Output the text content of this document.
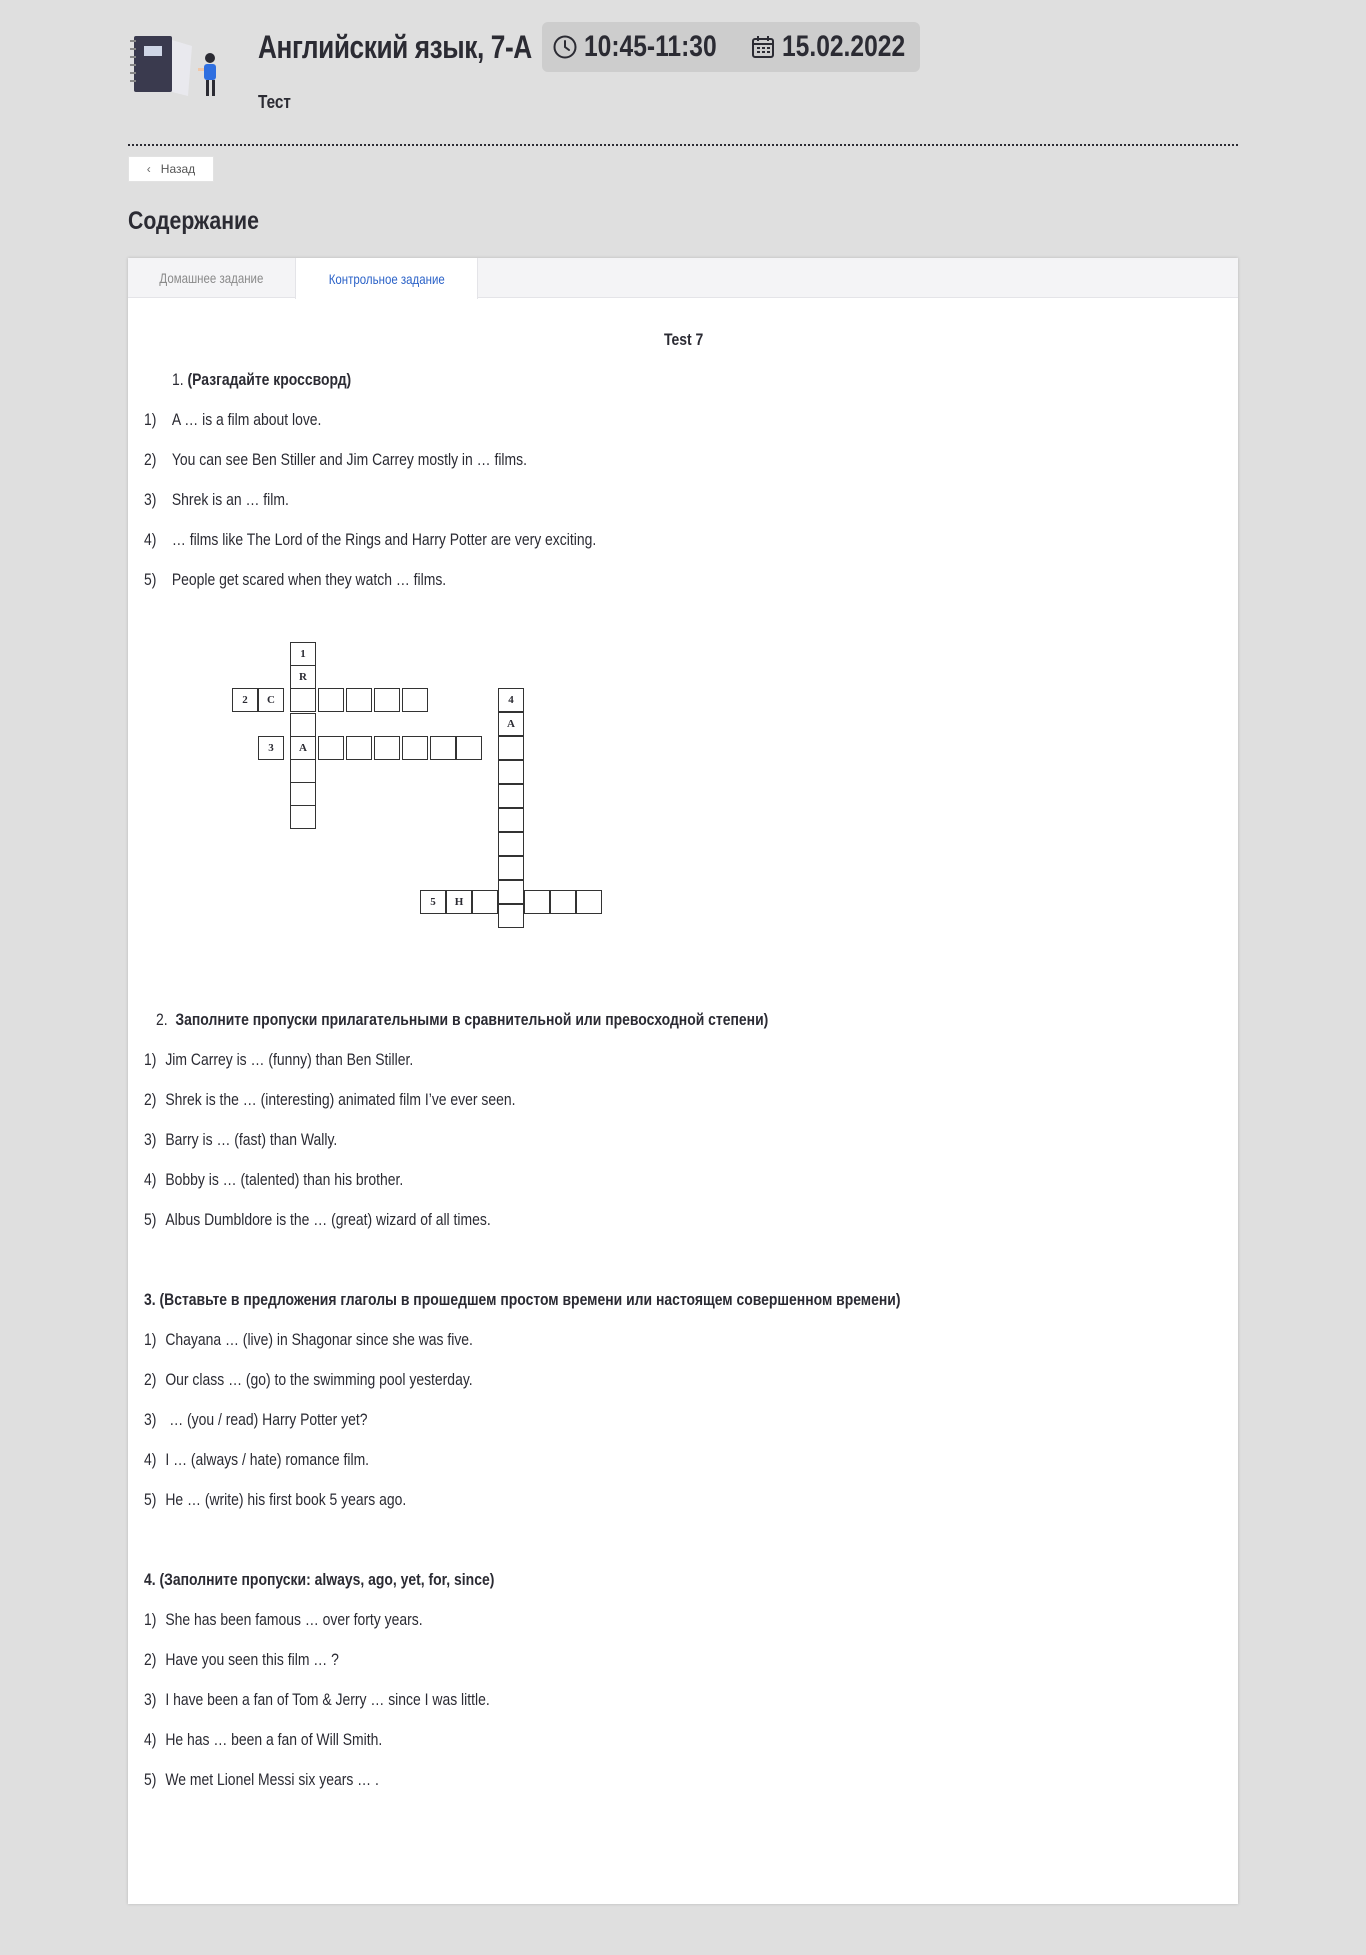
Английский язык, 7-А 10:45-11:30 15.02.2022
Тест
‹ Назад
Содержание
Домашнее задание	Контрольное задание
Test 7
1. (Разгадайте кроссворд)
1) A … is a film about love.
2) You can see Ben Stiller and Jim Carrey mostly in … films.
3) Shrek is an … film.
4) … films like The Lord of the Rings and Harry Potter are very exciting.
5) People get scared when they watch … films.
1
R
2	C	4
A
3	A
5	H
2. Заполните пропуски прилагательными в сравнительной или превосходной степени)
1) Jim Carrey is … (funny) than Ben Stiller.
2) Shrek is the … (interesting) animated film I’ve ever seen.
3) Barry is … (fast) than Wally.
4) Bobby is … (talented) than his brother.
5) Albus Dumbldore is the … (great) wizard of all times.
3. (Вставьте в предложения глаголы в прошедшем простом времени или настоящем совершенном времени)
1) Chayana … (live) in Shagonar since she was five.
2) Our class … (go) to the swimming pool yesterday.
3) … (you / read) Harry Potter yet?
4) I … (always / hate) romance film.
5) He … (write) his first book 5 years ago.
4. (Заполните пропуски: always, ago, yet, for, since)
1) She has been famous … over forty years.
2) Have you seen this film … ?
3) I have been a fan of Tom & Jerry … since I was little.
4) He has … been a fan of Will Smith.
5) We met Lionel Messi six years … .
